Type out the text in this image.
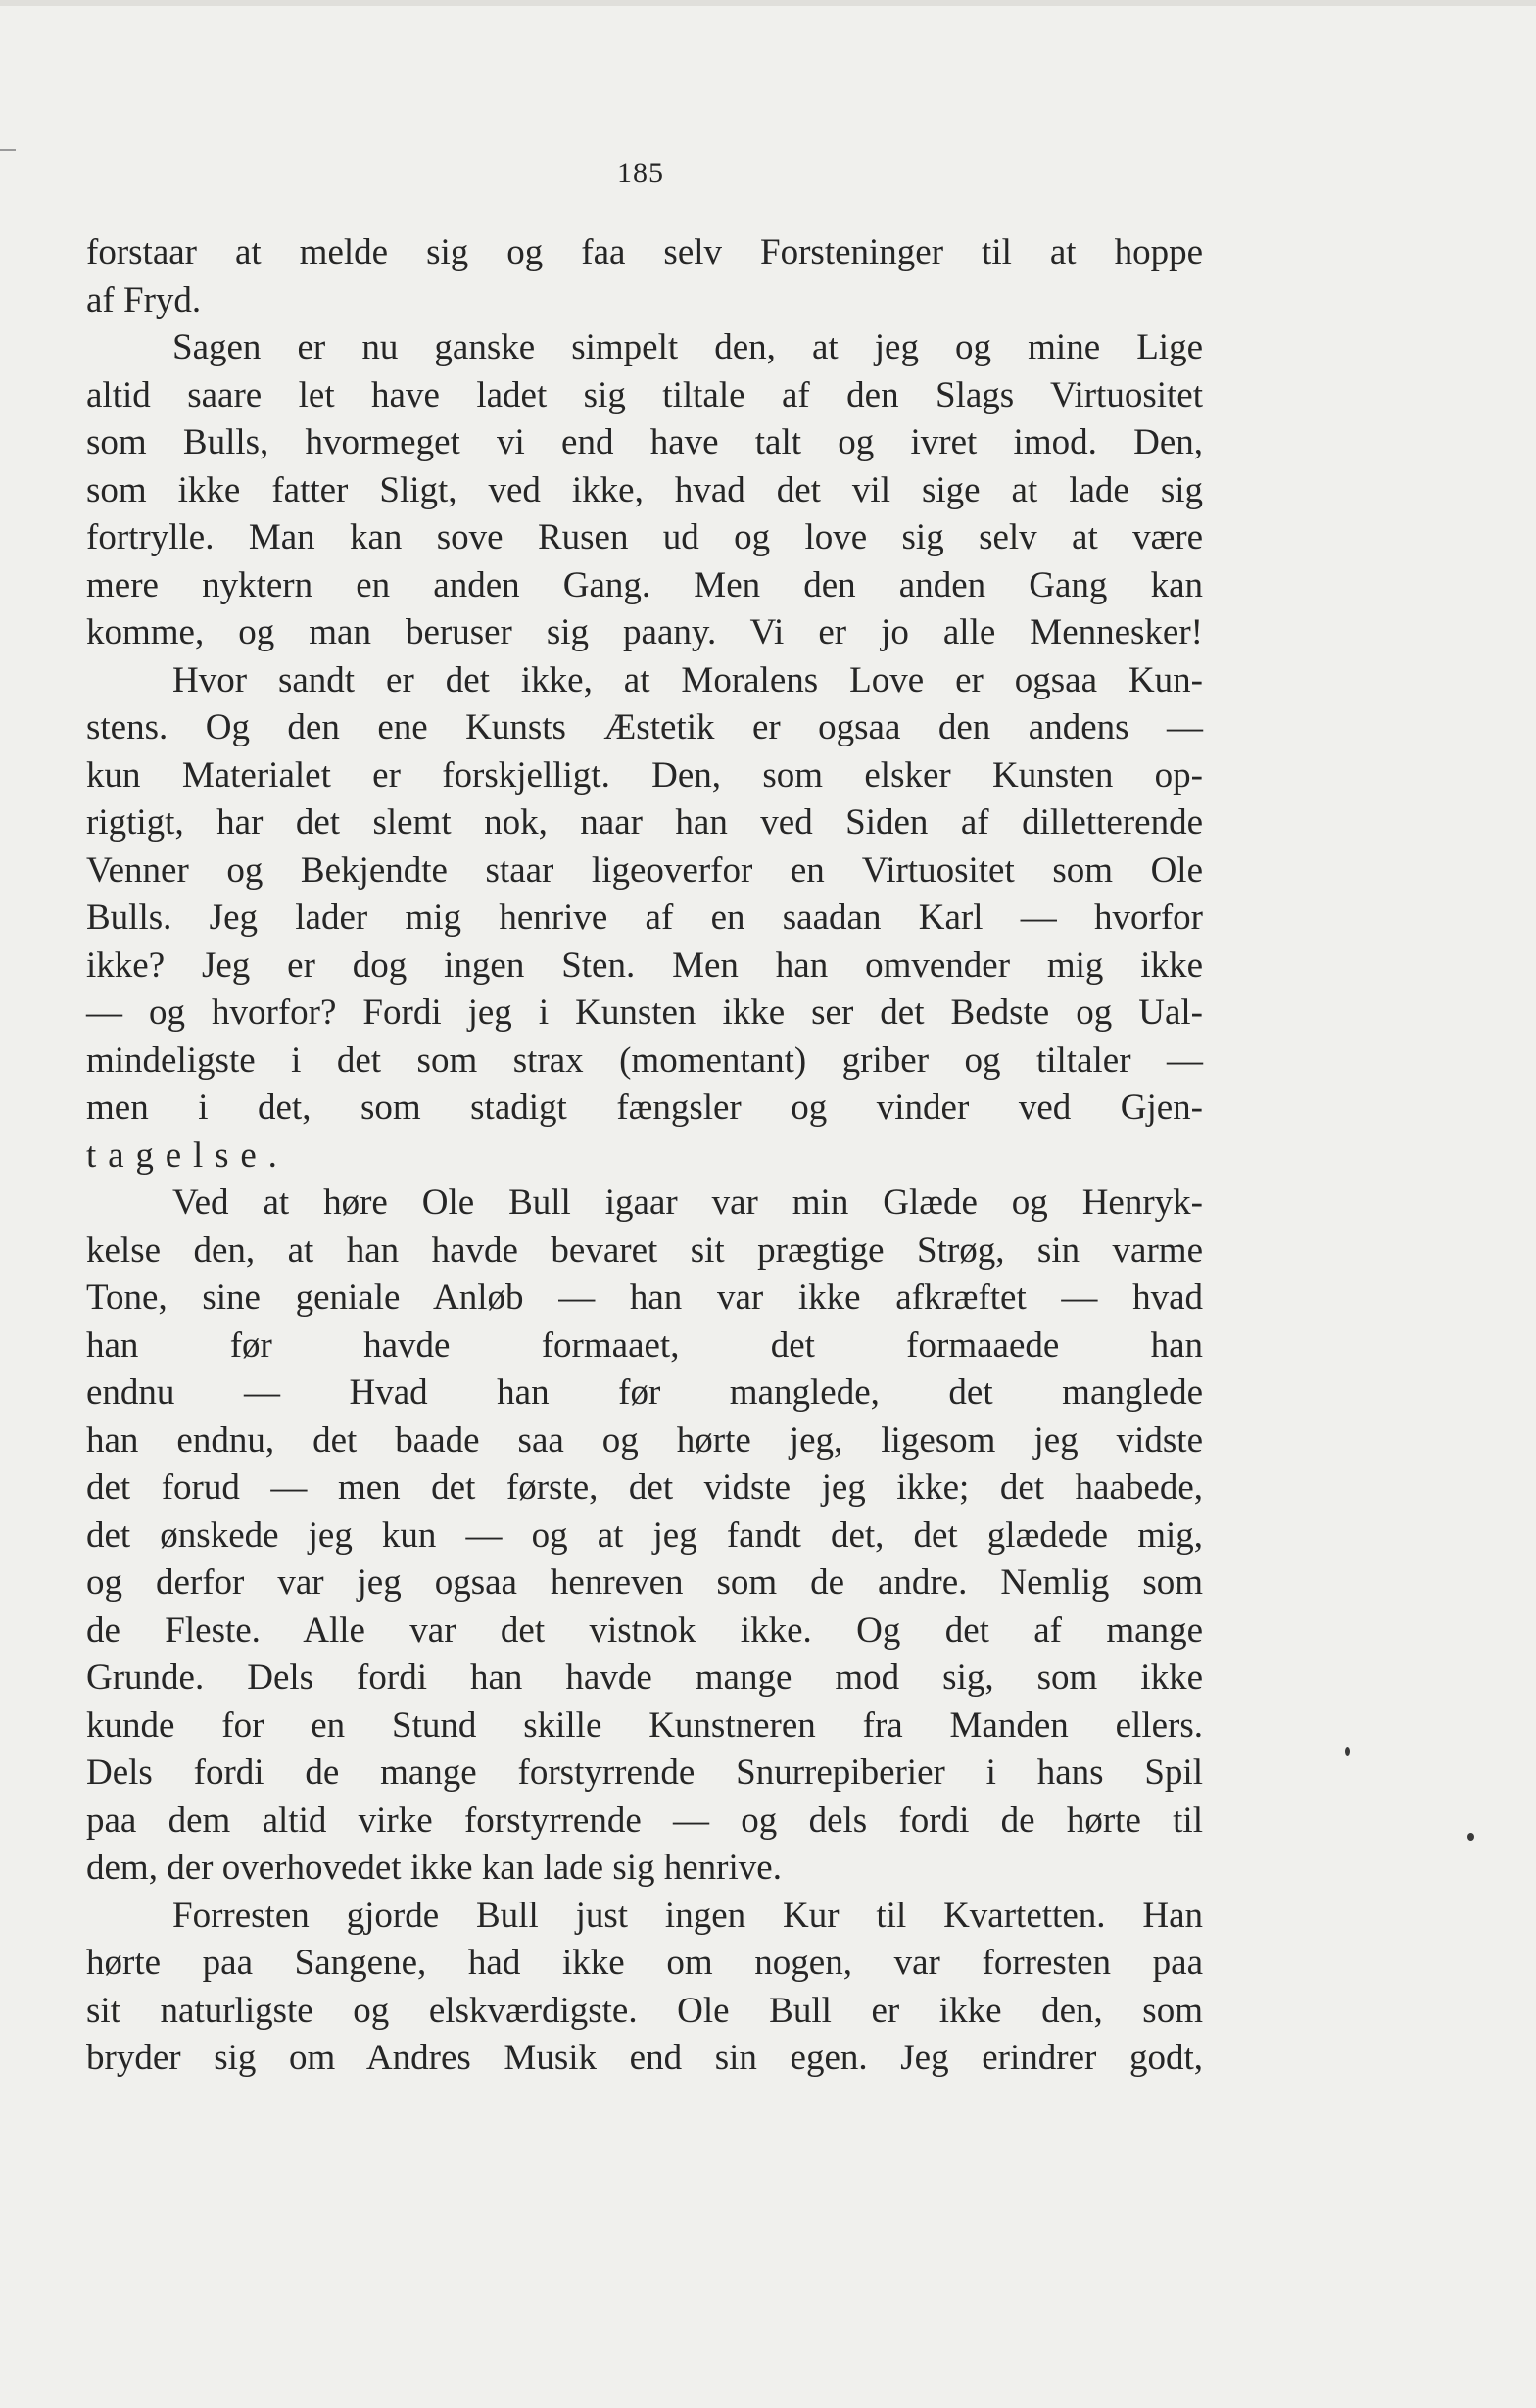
185
forstaar at melde sig og faa selv Forsteninger til at hoppe
af Fryd.
Sagen er nu ganske simpelt den, at jeg og mine Lige
altid saare let have ladet sig tiltale af den Slags Virtuositet
som Bulls, hvormeget vi end have talt og ivret imod. Den,
som ikke fatter Sligt, ved ikke, hvad det vil sige at lade sig
fortrylle. Man kan sove Rusen ud og love sig selv at være
mere nyktern en anden Gang. Men den anden Gang kan
komme, og man beruser sig paany. Vi er jo alle Mennesker!
Hvor sandt er det ikke, at Moralens Love er ogsaa Kun-
stens. Og den ene Kunsts Æstetik er ogsaa den andens —
kun Materialet er forskjelligt. Den, som elsker Kunsten op-
rigtigt, har det slemt nok, naar han ved Siden af dilletterende
Venner og Bekjendte staar ligeoverfor en Virtuositet som Ole
Bulls. Jeg lader mig henrive af en saadan Karl — hvorfor
ikke? Jeg er dog ingen Sten. Men han omvender mig ikke
— og hvorfor? Fordi jeg i Kunsten ikke ser det Bedste og Ual-
mindeligste i det som strax (momentant) griber og tiltaler —
men i det, som stadigt fængsler og vinder ved Gjen-
tagelse.
Ved at høre Ole Bull igaar var min Glæde og Henryk-
kelse den, at han havde bevaret sit prægtige Strøg, sin varme
Tone, sine geniale Anløb — han var ikke afkræftet — hvad
han før havde formaaet, det formaaede han
endnu — Hvad han før manglede, det manglede
han endnu, det baade saa og hørte jeg, ligesom jeg vidste
det forud — men det første, det vidste jeg ikke; det haabede,
det ønskede jeg kun — og at jeg fandt det, det glædede mig,
og derfor var jeg ogsaa henreven som de andre. Nemlig som
de Fleste. Alle var det vistnok ikke. Og det af mange
Grunde. Dels fordi han havde mange mod sig, som ikke
kunde for en Stund skille Kunstneren fra Manden ellers.
Dels fordi de mange forstyrrende Snurrepiberier i hans Spil
paa dem altid virke forstyrrende — og dels fordi de hørte til
dem, der overhovedet ikke kan lade sig henrive.
Forresten gjorde Bull just ingen Kur til Kvartetten. Han
hørte paa Sangene, had ikke om nogen, var forresten paa
sit naturligste og elskværdigste. Ole Bull er ikke den, som
bryder sig om Andres Musik end sin egen. Jeg erindrer godt,
